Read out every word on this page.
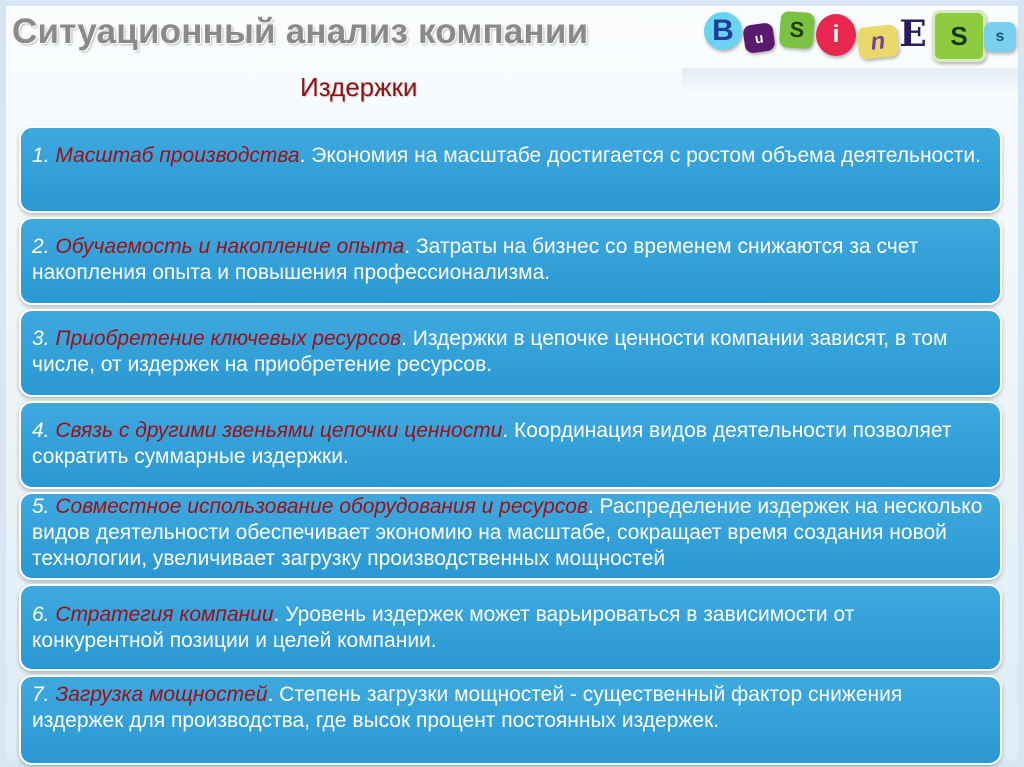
Ситуационный анализ компании
Издержки
B u S i n E S s
1. Масштаб производства. Экономия на масштабе достигается с ростом объема деятельности.
2. Обучаемость и накопление опыта. Затраты на бизнес со временем снижаются за счет накопления опыта и повышения профессионализма.
3. Приобретение ключевых ресурсов. Издержки в цепочке ценности компании зависят, в том числе, от издержек на приобретение ресурсов.
4. Связь с другими звеньями цепочки ценности. Координация видов деятельности позволяет сократить суммарные издержки.
5. Совместное использование оборудования и ресурсов. Распределение издержек на несколько видов деятельности обеспечивает экономию на масштабе, сокращает время создания новой технологии, увеличивает загрузку производственных мощностей
6. Стратегия компании. Уровень издержек может варьироваться в зависимости от конкурентной позиции и целей компании.
7. Загрузка мощностей. Степень загрузки мощностей - существенный фактор снижения издержек для производства, где высок процент постоянных издержек.
